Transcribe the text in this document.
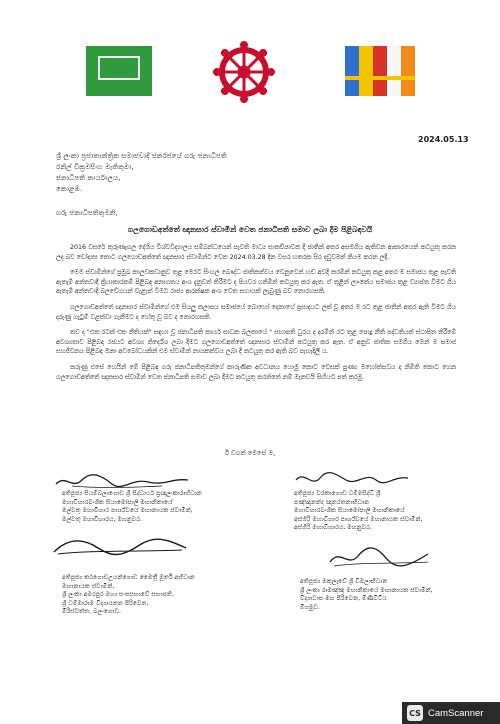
2024.05.13
ශ්‍රී ලංකා ප්‍රජාතාන්ත්‍රික සමාජවාදී ජනරජයේ ගරු ජනාධිපති
රනිල් වික්‍රමසිංහ මැතිතුමා,
ජනාධිපති කාර්යාලය,
කොළඹ.
ගරු ජනාධිපතිතුමනි,
ගලගොඩඅත්තේ ඥානසාර ස්වාමීන් වෙත ජනාධිපති සමාව ලබා දීම පිළිබඳවයි

2016 වසරේ කුරුණෑගල දේශීය විශ්වවිද්‍යාලය සම්බන්ධයෙන් පැවති මාධ්‍ය සාකච්ඡාවක දී ජාතින් අතර අසමගිය ඇතිවන ආකාරයෙන් කටයුතු කරන ලද බව චෝදනා කොට ගලගොඩඅත්තේ ඥානසාර ස්වාමීන්ට වෙත 2024.03.28 දින වසර හතරක සිර දඩුවමක් නියම කරන ලදී.

මෙම ස්වාමීන්ගේ ප්‍රමුඛ කාලවකවානුව තුළ මෙරට සිංහල බෞද්ධ ජාතිකත්වය වෙනුවෙන් හඬ අවදි කරමින් කටයුතු කළ අතර ම සමාජය තුළ පැවති ඇතැම් අන්තවාදී ක්‍රියාකාරකම් පිළිබඳ අනාගතය අංශ දැනුවත් කිරීමට ද පියවර ගනිමින් කටයුතු කර ඇත. ඒ තුළින් ලාංකේය සමාජය තුළ ව්‍යාප්ත වීමට ගිය ඇතැම් අන්තවාදී බලවේගයන් වැළැක් වීමට රාජ්‍ය ආරක්ෂක අංශ වෙත සහායක් ලැබුණු බව නොරහසකි.

ගලගොඩඅත්තේ ඥානසාර ස්වාමීන්ගේ එම සියලු කලාපය සමාජයේ බොහෝ දෙනාගේ ප්‍රසාදයට ලක් වූ අතර ම රට තුළ ජාතීන් අතර ඇති විමට ගිය දරුණු ගැටුම් වළක්වා ගැනීමට ද හේතු වූ බව ද නොරහසකි.

තව ද "එක රටක් එක නීතියක්" සඳහා වූ ජනාධිපති කාර්ය සාධක බලකායේ " සභාපති ධුරය ද දරමින් රට තුළ පොදු නීති පද්ධතියක් ස්ථාපිත කිරීමේ අවශ්‍යතාව පිළිබඳ රජයට අවශ්‍ය නිර්දේශ ලබා දීමට ගලගොඩඅත්තේ ඥානසාර ස්වාමීන් කටයුතු කර ඇත. ඒ අනුව ජාතික සමගිය මෙන් ම සමාජ සහජීවනය පිළිබඳ මනා අවබෝධයකින් එම ස්වාමීන් නායකත්වය ලබා දී කටයුතු කර ඇති බව පැහැදිලි ය.

කරුණු එසේ හෙයින් මේ පිළිබඳ ගරු ජනාධිපතිතුමන්ගේ කාරුණික අවධානය යොමු කොට වෙසක් පුණ්‍ය මහෝත්සවය ද නිමිති කොට ගෙන ගලගොඩඅත්තේ ඥානසාර ස්වාමීන් වෙත ජනාධිපති සමාව ලබා දීමට කටයුතු කරන්නේ නම් මැනවයි සිහියට පත් කරමු.

ඊ වගත් මෙසේ ම,
අතිපූජ්‍ය සියම්බලාගොඩ ශ්‍රී සිද්ධාර්ථ ප්‍රඥාලංකාරාභිධාන
මහාවිහාරවංශික සියාමෝපාලි මහානිකායේ
මල්වතු මහාවිහාර පාර්ශ්වයේ මහානායක ස්වාමීන්,
මල්වතු මහාවිහාරය, මහනුවර.
අතිපූජ්‍ය වරකාගොඩ ධම්මසිද්ධි ශ්‍රී
පඤ්ඤානන්ද ඥානරතනාභිධාන
මහාවිහාරවංශික සියාමෝපාලි මහානිකායේ
අස්ගිරි මහාවිහාර පාර්ශ්වයේ මහානායක ස්වාමීන්,
අස්ගිරි මහාවිහාරය, මහනුවර.
අතිපූජ්‍ය කරගොඩඋයන්ගොඩ මෛත්‍රී මූර්ති අභිධාන
මහානායක ස්වාමීන්,
ශ්‍රී ලංකා අමරපුර මහා සංඝසභාවේ සභාපති,
ශ්‍රී ධම්මාරාම විද්‍යායතන පිරිවෙන,
මිරිස්වත්ත, බලංගොඩ.
අතිපූජ්‍ය මකුලෑවේ ශ්‍රී විමලාභිධාන
ශ්‍රී ලංකා රාමඤ්ඤ මහානිකායේ මහානායක ස්වාමීන්,
විද්‍යාවාස මහ පිරිවෙන, මිණිවිටිය
මීගමුව.
CS CamScanner
